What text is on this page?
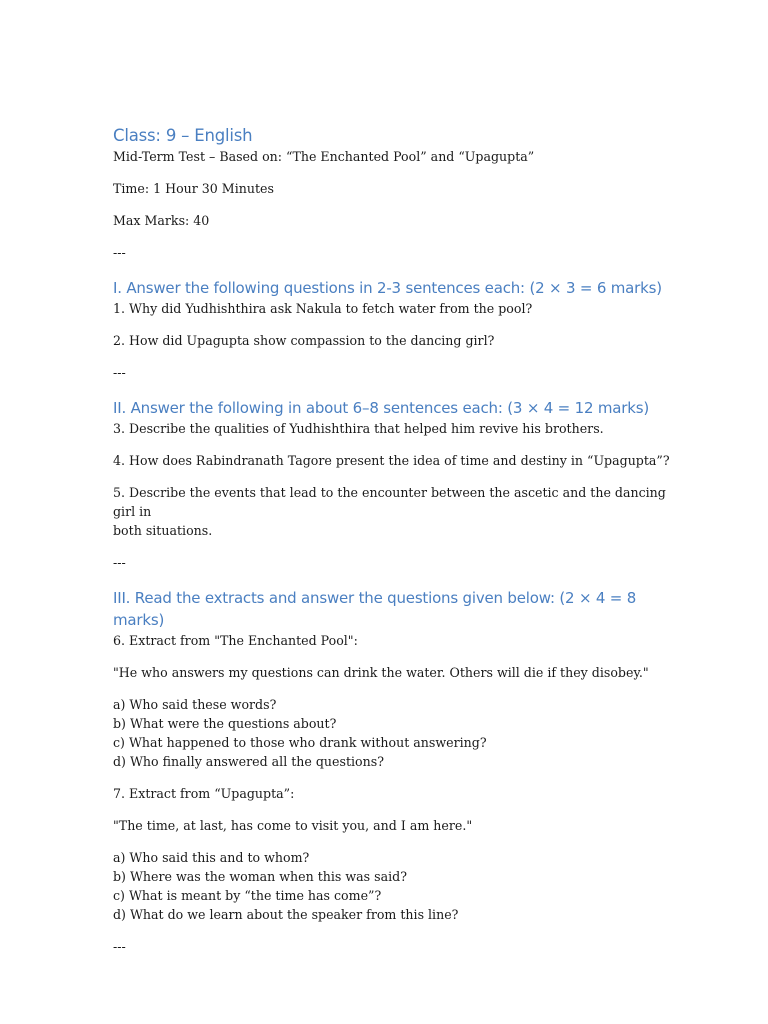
Class: 9 – English

Mid-Term Test – Based on: “The Enchanted Pool” and “Upagupta”

Time: 1 Hour 30 Minutes

Max Marks: 40

---

I. Answer the following questions in 2-3 sentences each: (2 × 3 = 6 marks)

1. Why did Yudhishthira ask Nakula to fetch water from the pool?

2. How did Upagupta show compassion to the dancing girl?

---

II. Answer the following in about 6–8 sentences each: (3 × 4 = 12 marks)

3. Describe the qualities of Yudhishthira that helped him revive his brothers.

4. How does Rabindranath Tagore present the idea of time and destiny in “Upagupta”?

5. Describe the events that lead to the encounter between the ascetic and the dancing girl in

both situations.

---

III. Read the extracts and answer the questions given below: (2 × 4 = 8 marks)

6. Extract from "The Enchanted Pool":

"He who answers my questions can drink the water. Others will die if they disobey."

a) Who said these words?

b) What were the questions about?

c) What happened to those who drank without answering?

d) Who finally answered all the questions?

7. Extract from “Upagupta”:

"The time, at last, has come to visit you, and I am here."

a) Who said this and to whom?

b) Where was the woman when this was said?

c) What is meant by “the time has come”?

d) What do we learn about the speaker from this line?

---
